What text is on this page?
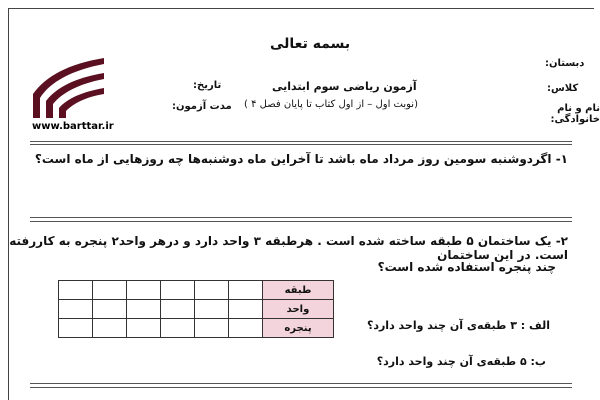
بسمه تعالی
دبستان:
کلاس:
نام و نام خانوادگی:
آزمون ریاضی سوم ابتدایی
(نوبت اول – از اول کتاب تا پایان فصل ۴ )
تاریخ:
مدت آزمون:
www.barttar.ir
۱- اگردوشنبه سومین روز مرداد ماه باشد تا آخراین ماه دوشنبه‌ها چه روزهایی از ماه است؟
۲- یک ساختمان ۵ طبقه ساخته شده است . هرطبقه ۳ واحد دارد و درهر واحد۲ پنجره به کاررفته است. در این ساختمان
چند پنجره استفاده شده است؟
						طبقه
						واحد
						پنجره	الف : ۳ طبقه‌ی آن چند واحد دارد؟
ب: ۵ طبقه‌ی آن چند واحد دارد؟
